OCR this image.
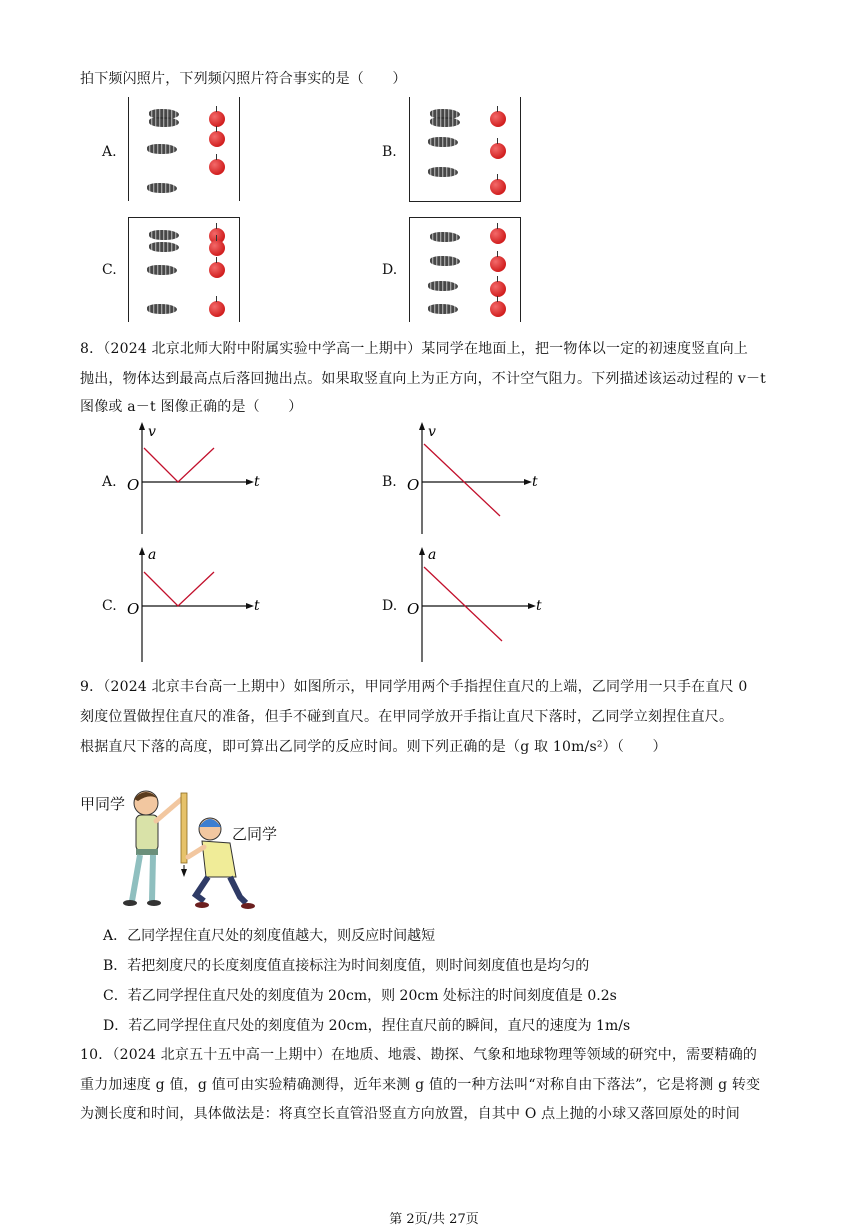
拍下频闪照片，下列频闪照片符合事实的是（　　）
A.	B.
C.	D.
8．（2024 北京北师大附中附属实验中学高一上期中）某同学在地面上，把一物体以一定的初速度竖直向上
抛出，物体达到最高点后落回抛出点。如果取竖直向上为正方向，不计空气阻力。下列描述该运动过程的 v－t
图像或 a－t 图像正确的是（　　）
A.
v
O	t	B.
v
O	t
C.
a
O	t	D.
a
O	t
9．（2024 北京丰台高一上期中）如图所示，甲同学用两个手指捏住直尺的上端，乙同学用一只手在直尺 0
刻度位置做捏住直尺的准备，但手不碰到直尺。在甲同学放开手指让直尺下落时，乙同学立刻捏住直尺。
根据直尺下落的高度，即可算出乙同学的反应时间。则下列正确的是（g 取 10m/s²）（　　）
甲同学
乙同学
A．乙同学捏住直尺处的刻度值越大，则反应时间越短
B．若把刻度尺的长度刻度值直接标注为时间刻度值，则时间刻度值也是均匀的
C．若乙同学捏住直尺处的刻度值为 20cm，则 20cm 处标注的时间刻度值是 0.2s
D．若乙同学捏住直尺处的刻度值为 20cm，捏住直尺前的瞬间，直尺的速度为 1m/s
10．（2024 北京五十五中高一上期中）在地质、地震、勘探、气象和地球物理等领域的研究中，需要精确的
重力加速度 g 值，g 值可由实验精确测得，近年来测 g 值的一种方法叫“对称自由下落法”，它是将测 g 转变
为测长度和时间，具体做法是：将真空长直管沿竖直方向放置，自其中 O 点上抛的小球又落回原处的时间
第 2页/共 27页
